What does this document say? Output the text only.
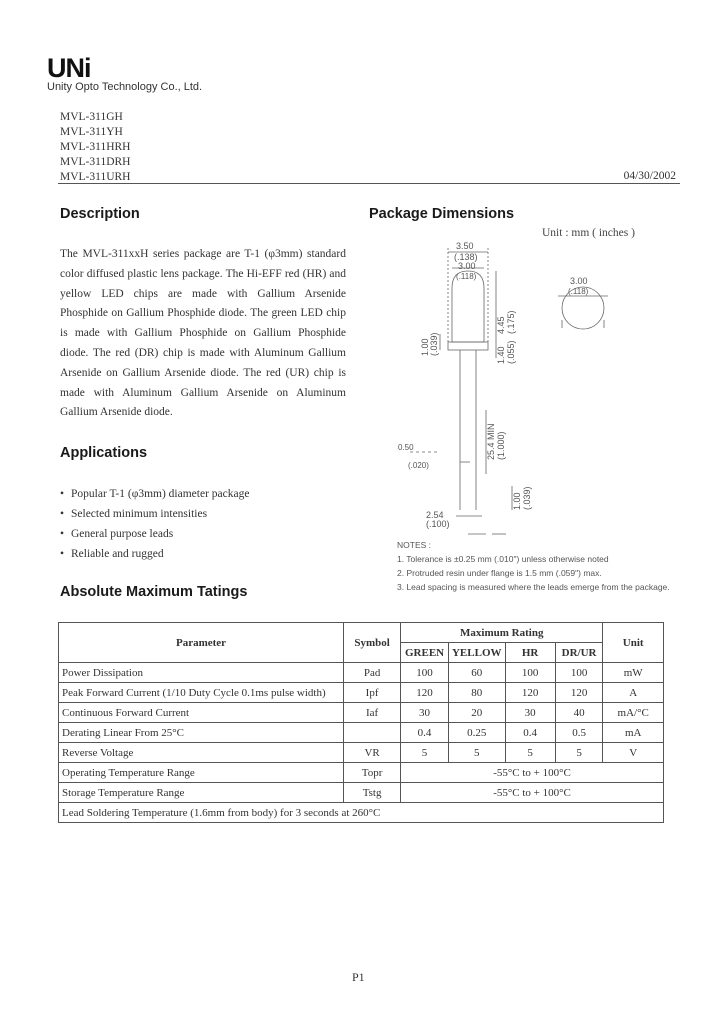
UNi
Unity Opto Technology Co., Ltd.
MVL-311GH
MVL-311YH
MVL-311HRH
MVL-311DRH
MVL-311URH	04/30/2002
Description
The MVL-311xxH series package are T-1 (φ3mm) standard color diffused plastic lens package. The Hi-EFF red (HR) and yellow LED chips are made with Gallium Arsenide Phosphide on Gallium Phosphide diode. The green LED chip is made with Gallium Phosphide on Gallium Phosphide diode. The red (DR) chip is made with Aluminum Gallium Arsenide on Gallium Arsenide diode. The red (UR) chip is made with Aluminum Gallium Arsenide on Aluminum Gallium Arsenide diode.
Applications
• Popular T-1 (φ3mm) diameter package
• Selected minimum intensities
• General purpose leads
• Reliable and rugged
Package Dimensions
Unit : mm ( inches )
3.50
(.138)
3.00
(.118)	3.00
(.118)
2.54
(.100)
0.50
(.020)
4.45 (.175)
1.40 (.055)
1.00 (.039)
25.4 MIN (1.000)
1.00 (.039)
NOTES :
1. Tolerance is ±0.25 mm (.010") unless otherwise noted
2. Protruded resin under flange is 1.5 mm (.059") max.
3. Lead spacing is measured where the leads emerge from the package.
Absolute Maximum Tatings
Parameter	Symbol	Maximum Rating				Unit
		GREEN	YELLOW	HR	DR/UR	
Power Dissipation	Pad	100	60	100	100	mW
Peak Forward Current (1/10 Duty Cycle 0.1ms pulse width)	Ipf	120	80	120	120	A
Continuous Forward Current	Iaf	30	20	30	40	mA/°C
Derating Linear From 25°C		0.4	0.25	0.4	0.5	mA
Reverse Voltage	VR	5	5	5	5	V
Operating Temperature Range	Topr	-55°C to + 100°C				
Storage Temperature Range	Tstg	-55°C to + 100°C				
Lead Soldering Temperature (1.6mm from body) for 3 seconds at 260°C						
P1
